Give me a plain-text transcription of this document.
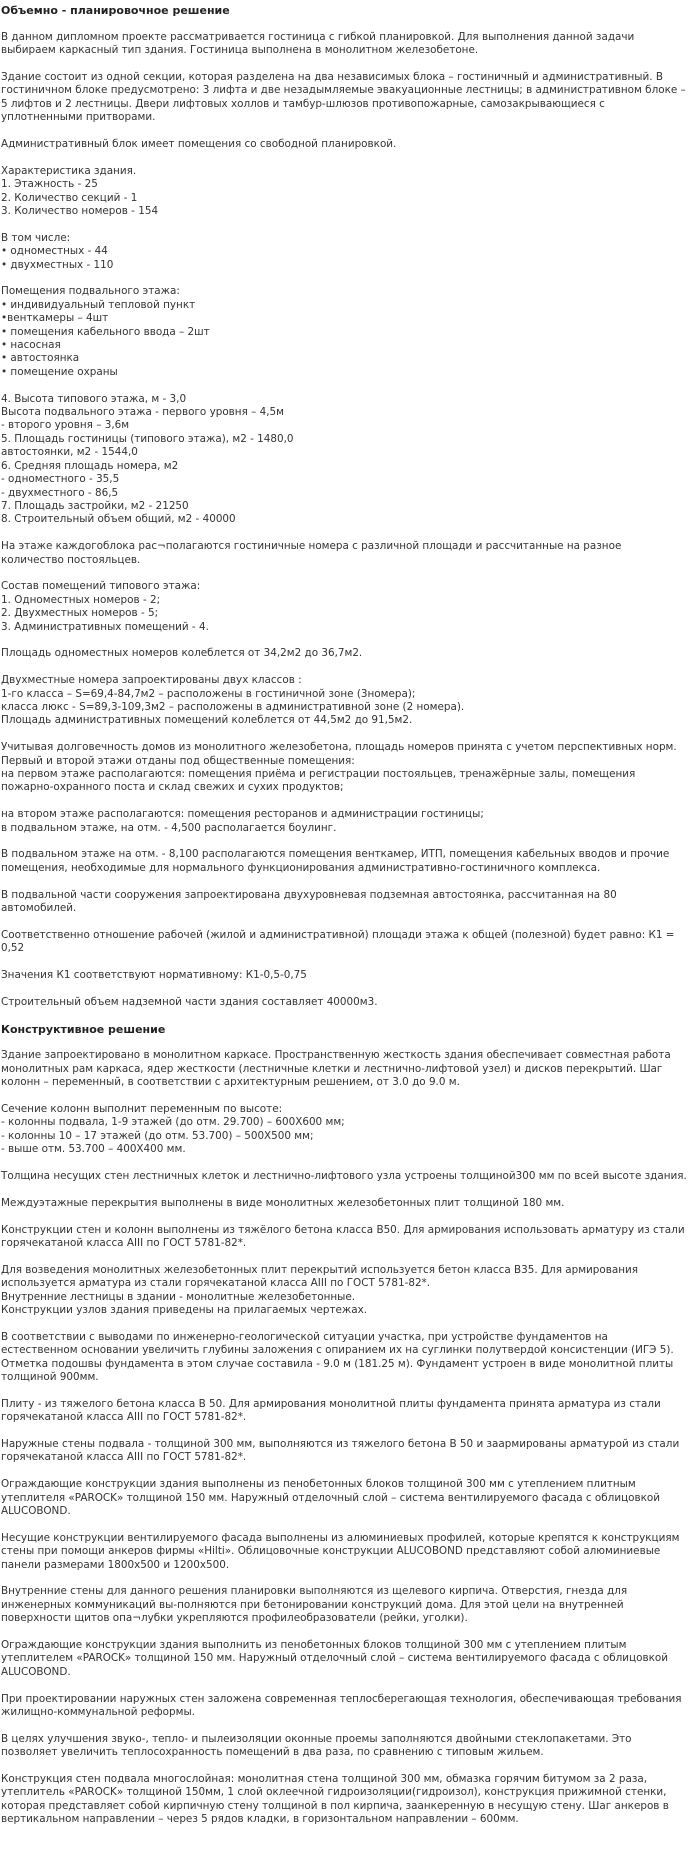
Объемно - планировочное решение

В данном дипломном проекте рассматривается гостиница с гибкой планировкой. Для выполнения данной задачи выбираем каркасный тип здания. Гостиница выполнена в монолитном железобетоне.

Здание состоит из одной секции, которая разделена на два независимых блока – гостиничный и административный. В гостиничном блоке предусмотрено: 3 лифта и две незадымляемые эвакуационные лестницы; в административном блоке – 5 лифтов и 2 лестницы. Двери лифтовых холлов и тамбур-шлюзов противопожарные, самозакрывающиеся с уплотненными притворами.

Административный блок имеет помещения со свободной планировкой.

Характеристика здания.
1. Этажность - 25
2. Количество секций - 1
3. Количество номеров - 154

В том числе:
• одноместных - 44
• двухместных - 110

Помещения подвального этажа:
• индивидуальный тепловой пункт
•венткамеры – 4шт
• помещения кабельного ввода – 2шт
• насосная
• автостоянка
• помещение охраны

4. Высота типового этажа, м - 3,0
Высота подвального этажа - первого уровня – 4,5м
- второго уровня – 3,6м
5. Площадь гостиницы (типового этажа), м2 - 1480,0
автостоянки, м2 - 1544,0
6. Средняя площадь номера, м2
- одноместного - 35,5
- двухместного - 86,5
7. Площадь застройки, м2 - 21250
8. Строительный объем общий, м2 - 40000

На этаже каждогоблока рас¬полагаются гостиничные номера с различной площади и рассчитанные на разное количество постояльцев.

Состав помещений типового этажа:
1. Одноместных номеров - 2;
2. Двухместных номеров - 5;
3. Административных помещений - 4.

Площадь одноместных номеров колеблется от 34,2м2 до 36,7м2.

Двухместные номера запроектированы двух классов :
1-го класса – S=69,4-84,7м2 – расположены в гостиничной зоне (3номера);
класса люкс - S=89,3-109,3м2 – расположены в административной зоне (2 номера).
Площадь административных помещений колеблется от 44,5м2 до 91,5м2.

Учитывая долговечность домов из монолитного железобетона, площадь номеров принята с учетом перспективных норм.
Первый и второй этажи отданы под общественные помещения:
на первом этаже располагаются: помещения приёма и регистрации постояльцев, тренажёрные залы, помещения пожарно-охранного поста и склад свежих и сухих продуктов;

на втором этаже располагаются: помещения ресторанов и администрации гостиницы;
в подвальном этаже, на отм. - 4,500 располагается боулинг.

В подвальном этаже на отм. - 8,100 располагаются помещения венткамер, ИТП, помещения кабельных вводов и прочие помещения, необходимые для нормального функционирования административно-гостиничного комплекса.

В подвальной части сооружения запроектирована двухуровневая подземная автостоянка, рассчитанная на 80 автомобилей.

Соответственно отношение рабочей (жилой и административной) площади этажа к общей (полезной) будет равно: К1 = 0,52

Значения К1 соответствуют нормативному: К1-0,5-0,75

Строительный объем надземной части здания составляет 40000м3.

Конструктивное решение

Здание запроектировано в монолитном каркасе. Пространственную жесткость здания обеспечивает совместная работа монолитных рам каркаса, ядер жесткости (лестничные клетки и лестнично-лифтовой узел) и дисков перекрытий. Шаг колонн – переменный, в соответствии с архитектурным решением, от 3.0 до 9.0 м.

Сечение колонн выполнит переменным по высоте:
- колонны подвала, 1-9 этажей (до отм. 29.700) – 600Х600 мм;
- колонны 10 – 17 этажей (до отм. 53.700) – 500Х500 мм;
- выше отм. 53.700 – 400Х400 мм.

Толщина несущих стен лестничных клеток и лестнично-лифтового узла устроены толщиной300 мм по всей высоте здания.

Междуэтажные перекрытия выполнены в виде монолитных железобетонных плит толщиной 180 мм.

Конструкции стен и колонн выполнены из тяжёлого бетона класса В50. Для армирования использовать арматуру из стали горячекатаной класса АIII по ГОСТ 5781-82*.

Для возведения монолитных железобетонных плит перекрытий используется бетон класса В35. Для армирования используется арматура из стали горячекатаной класса АIII по ГОСТ 5781-82*.
Внутренние лестницы в здании - монолитные железобетонные.
Конструкции узлов здания приведены на прилагаемых чертежах.

В соответствии с выводами по инженерно-геологической ситуации участка, при устройстве фундаментов на естественном основании увеличить глубины заложения с опиранием их на суглинки полутвердой консистенции (ИГЭ 5). Отметка подошвы фундамента в этом случае составила - 9.0 м (181.25 м). Фундамент устроен в виде монолитной плиты толщиной 900мм.

Плиту - из тяжелого бетона класса В 50. Для армирования монолитной плиты фундамента принята арматура из стали горячекатаной класса АIII по ГОСТ 5781-82*.

Наружные стены подвала - толщиной 300 мм, выполняются из тяжелого бетона В 50 и заармированы арматурой из стали горячекатаной класса АIII по ГОСТ 5781-82*.

Ограждающие конструкции здания выполнены из пенобетонных блоков толщиной 300 мм с утеплением плитным утеплителя «PAROCK» толщиной 150 мм. Наружный отделочный слой – система вентилируемого фасада с облицовкой ALUCOBOND.

Несущие конструкции вентилируемого фасада выполнены из алюминиевых профилей, которые крепятся к конструкциям стены при помощи анкеров фирмы «Hilti». Облицовочные конструкции ALUCOBOND представляют собой алюминиевые панели размерами 1800х500 и 1200х500.

Внутренние стены для данного решения планировки выполняются из щелевого кирпича. Отверстия, гнезда для инженерных коммуникаций вы-полняются при бетонировании конструкций дома. Для этой цели на внутренней поверхности щитов опа¬лубки укрепляются профилеобразователи (рейки, уголки).

Ограждающие конструкции здания выполнить из пенобетонных блоков толщиной 300 мм с утеплением плитым утеплителем «PAROCK» толщиной 150 мм. Наружный отделочный слой – система вентилируемого фасада с облицовкой ALUCOBOND.

При проектировании наружных стен заложена современная теплосберегающая технология, обеспечивающая требования жилищно-коммунальной реформы.

В целях улучшения звуко-, тепло- и пылеизоляции оконные проемы заполняются двойными стеклопакетами. Это позволяет увеличить теплосохранность помещений в два раза, по сравнению с типовым жильем.

Конструкция стен подвала многослойная: монолитная стена толщиной 300 мм, обмазка горячим битумом за 2 раза, утеплитель «PAROCK» толщиной 150мм, 1 слой оклеечной гидроизоляции(гидроизол), конструкция прижимной стенки, которая представляет собой кирпичную стену толщиной в пол кирпича, заанкеренную в несущую стену. Шаг анкеров в вертикальном направлении – через 5 рядов кладки, в горизонтальном направлении – 600мм.
